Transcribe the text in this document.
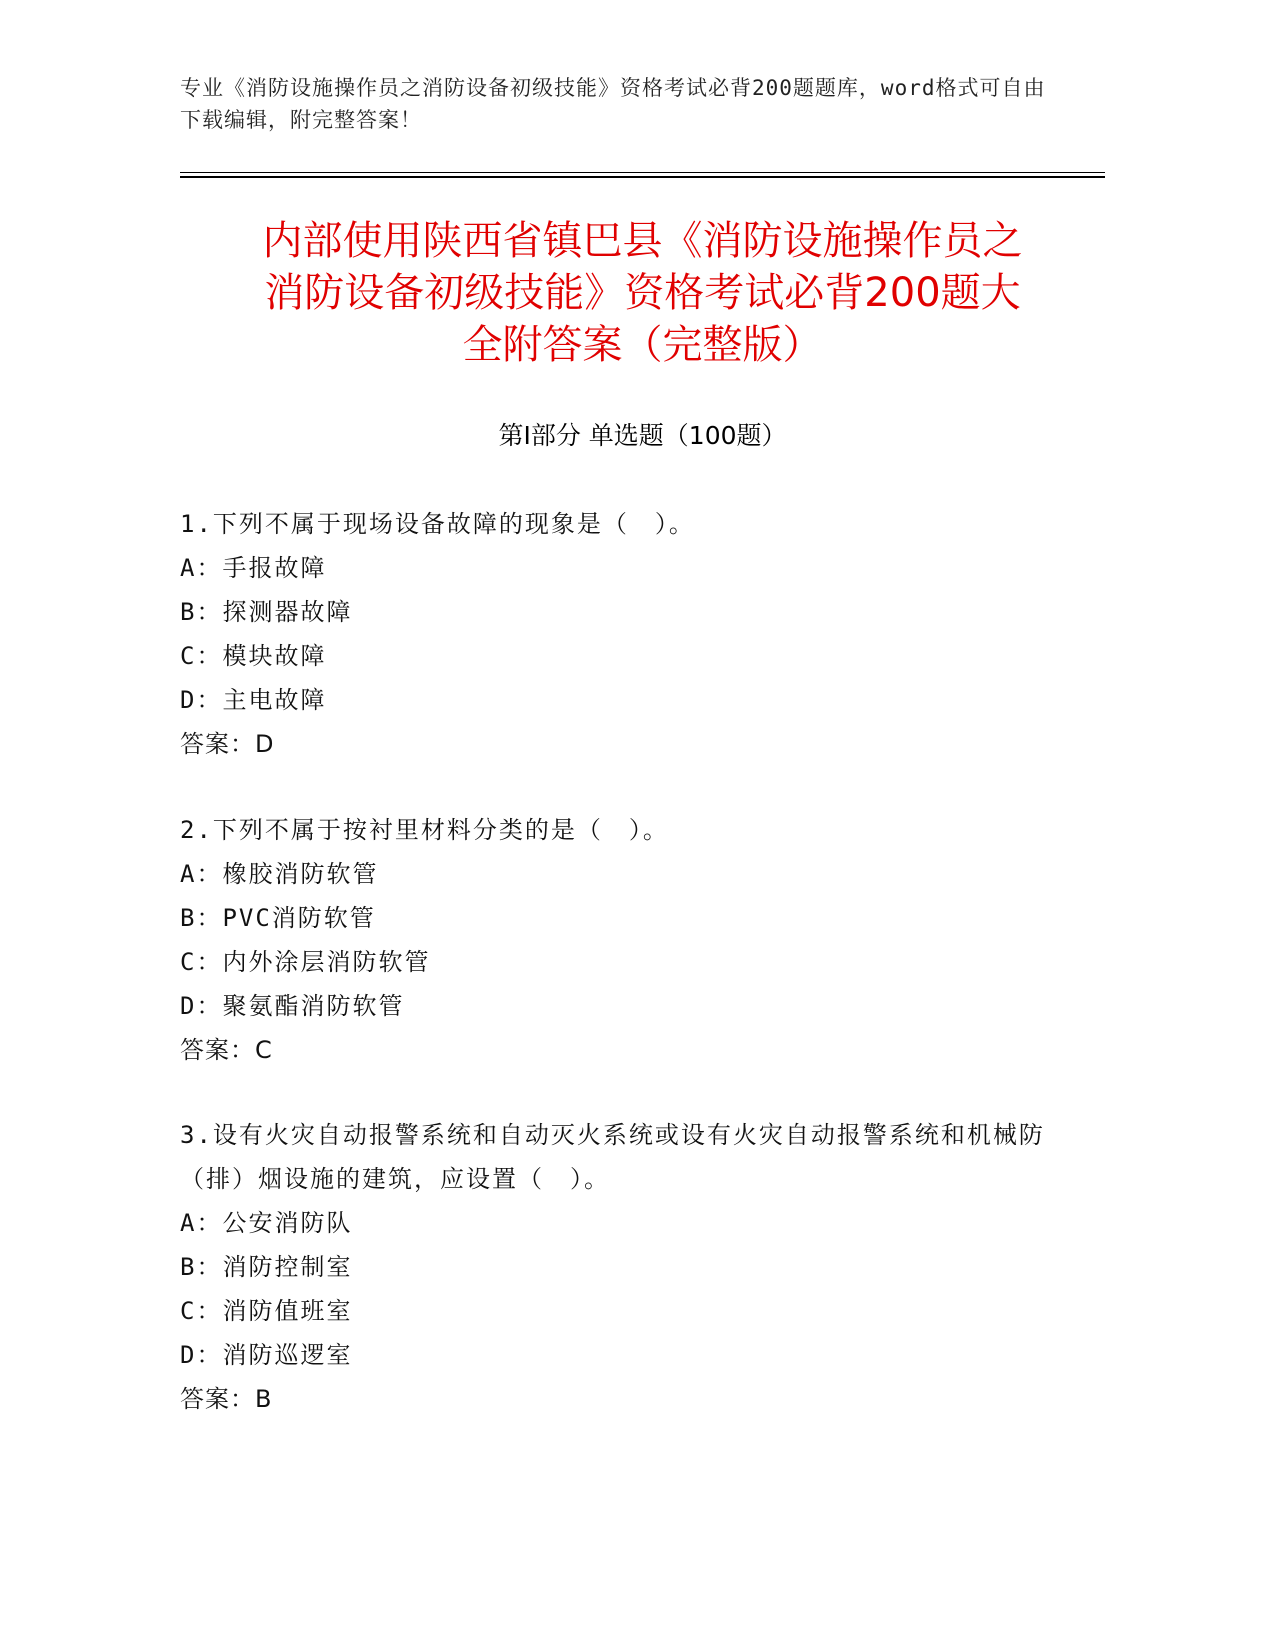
专业《消防设施操作员之消防设备初级技能》资格考试必背200题题库，word格式可自由下载编辑，附完整答案！
内部使用陕西省镇巴县《消防设施操作员之
消防设备初级技能》资格考试必背200题大
全附答案（完整版）
第Ⅰ部分 单选题（100题）
1.下列不属于现场设备故障的现象是（　）。
A：手报故障
B：探测器故障
C：模块故障
D：主电故障
答案：D
2.下列不属于按衬里材料分类的是（　）。
A：橡胶消防软管
B：PVC消防软管
C：内外涂层消防软管
D：聚氨酯消防软管
答案：C
3.设有火灾自动报警系统和自动灭火系统或设有火灾自动报警系统和机械防（排）烟设施的建筑，应设置（　）。
A：公安消防队
B：消防控制室
C：消防值班室
D：消防巡逻室
答案：B
